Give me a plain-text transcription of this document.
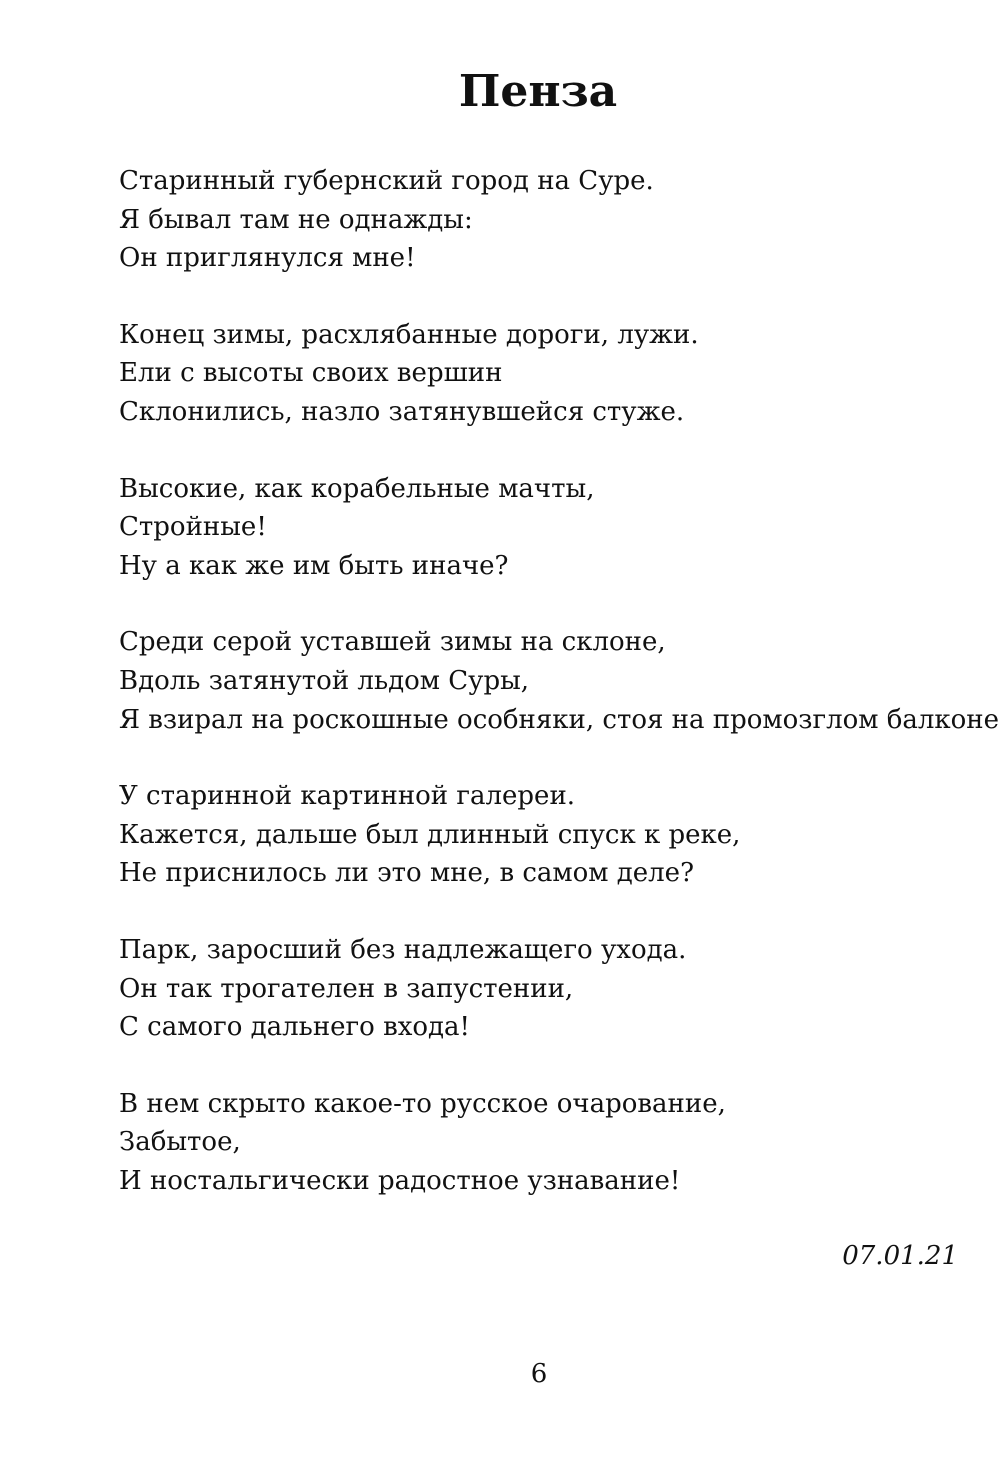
Пенза
Старинный губернский город на Суре.
Я бывал там не однажды:
Он приглянулся мне!
Конец зимы, расхлябанные дороги, лужи.
Ели с высоты своих вершин
Склонились, назло затянувшейся стуже.
Высокие, как корабельные мачты,
Стройные!
Ну а как же им быть иначе?
Среди серой уставшей зимы на склоне,
Вдоль затянутой льдом Суры,
Я взирал на роскошные особняки, стоя на промозглом балконе
У старинной картинной галереи.
Кажется, дальше был длинный спуск к реке,
Не приснилось ли это мне, в самом деле?
Парк, заросший без надлежащего ухода.
Он так трогателен в запустении,
С самого дальнего входа!
В нем скрыто какое-то русское очарование,
Забытое,
И ностальгически радостное узнавание!
07.01.21
6
